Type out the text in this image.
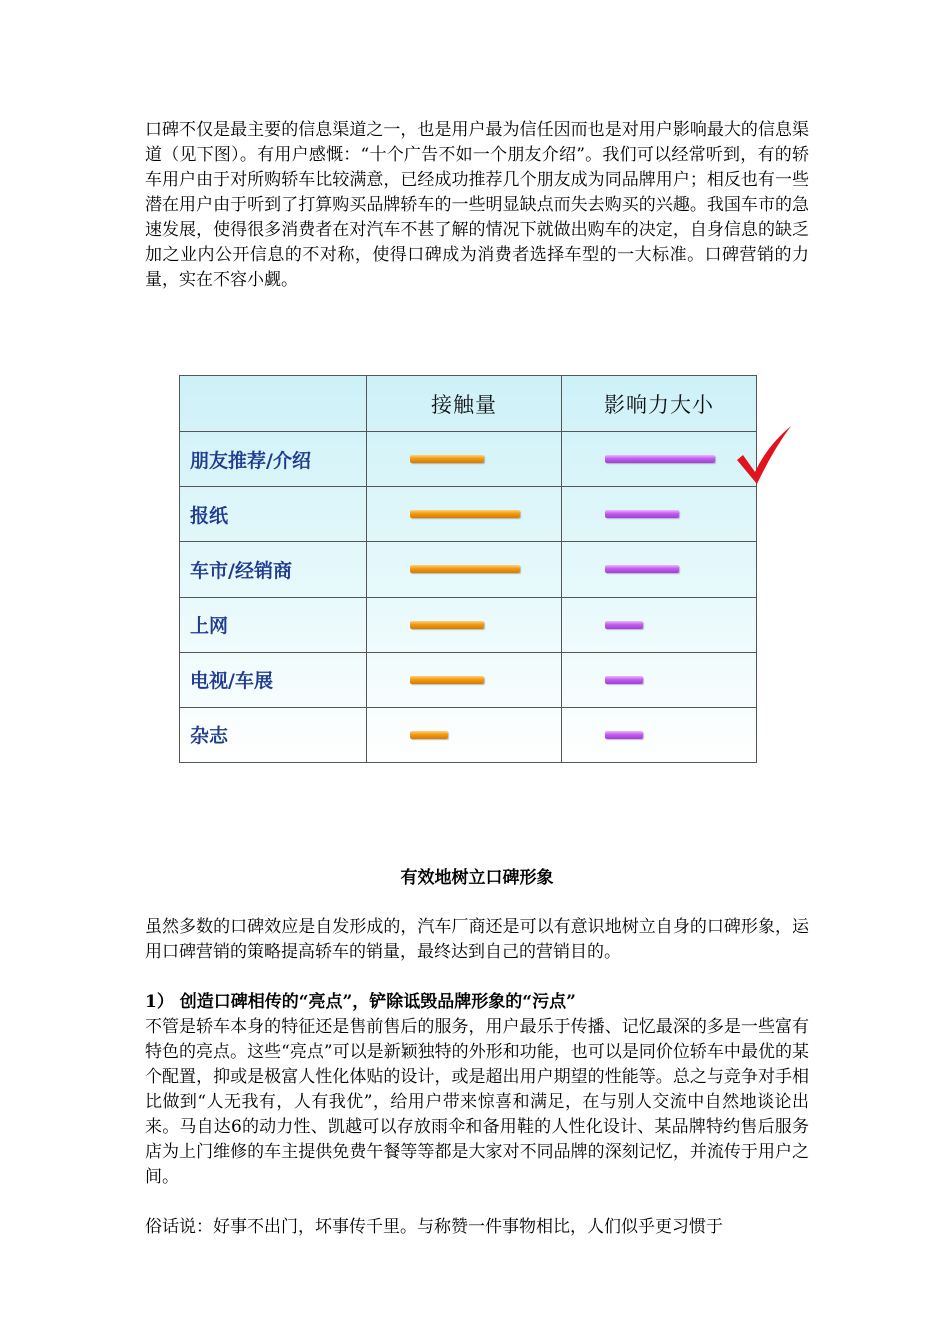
口碑不仅是最主要的信息渠道之一，也是用户最为信任因而也是对用户影响最大的信息渠道（见下图）。有用户感慨：“十个广告不如一个朋友介绍”。我们可以经常听到，有的轿车用户由于对所购轿车比较满意，已经成功推荐几个朋友成为同品牌用户；相反也有一些潜在用户由于听到了打算购买品牌轿车的一些明显缺点而失去购买的兴趣。我国车市的急速发展，使得很多消费者在对汽车不甚了解的情况下就做出购车的决定，自身信息的缺乏加之业内公开信息的不对称，使得口碑成为消费者选择车型的一大标准。口碑营销的力量，实在不容小觑。

	接触量	影响力大小
朋友推荐/介绍	

报纸	

车市/经销商	

上网	

电视/车展	

杂志	

有效地树立口碑形象

虽然多数的口碑效应是自发形成的，汽车厂商还是可以有意识地树立自身的口碑形象，运用口碑营销的策略提高轿车的销量，最终达到自己的营销目的。

1） 创造口碑相传的“亮点”，铲除诋毁品牌形象的“污点”

不管是轿车本身的特征还是售前售后的服务，用户最乐于传播、记忆最深的多是一些富有特色的亮点。这些“亮点”可以是新颖独特的外形和功能，也可以是同价位轿车中最优的某个配置，抑或是极富人性化体贴的设计，或是超出用户期望的性能等。总之与竞争对手相比做到“人无我有，人有我优”，给用户带来惊喜和满足，在与别人交流中自然地谈论出来。马自达6的动力性、凯越可以存放雨伞和备用鞋的人性化设计、某品牌特约售后服务店为上门维修的车主提供免费午餐等等都是大家对不同品牌的深刻记忆，并流传于用户之间。

俗话说：好事不出门，坏事传千里。与称赞一件事物相比，人们似乎更习惯于
